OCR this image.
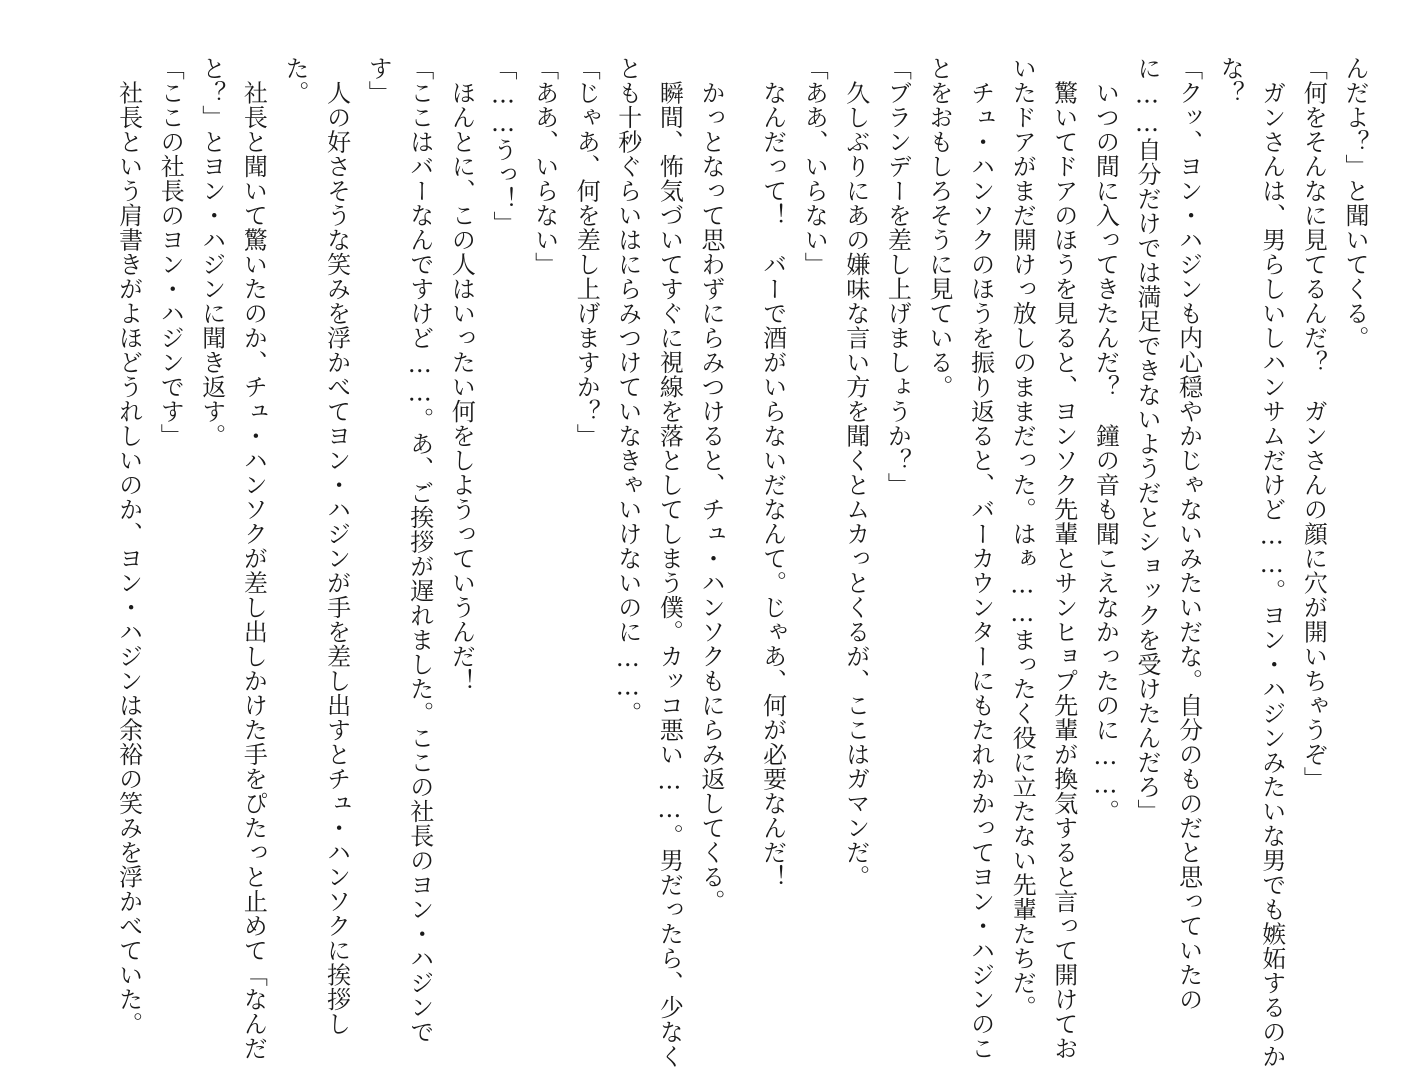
んだよ？」と聞いてくる。
「何をそんなに見てるんだ？　ガンさんの顔に穴が開いちゃうぞ」
　ガンさんは、男らしいしハンサムだけど……。ヨン・ハジンみたいな男でも嫉妬するのか
な？
「クッ、ヨン・ハジンも内心穏やかじゃないみたいだな。自分のものだと思っていたの
に……自分だけでは満足できないようだとショックを受けたんだろ」
　いつの間に入ってきたんだ？　鐘の音も聞こえなかったのに……。
　驚いてドアのほうを見ると、ヨンソク先輩とサンヒョプ先輩が換気すると言って開けてお
いたドアがまだ開けっ放しのままだった。はぁ……まったく役に立たない先輩たちだ。
　チュ・ハンソクのほうを振り返ると、バーカウンターにもたれかかってヨン・ハジンのこ
とをおもしろそうに見ている。
「ブランデーを差し上げましょうか？」
　久しぶりにあの嫌味な言い方を聞くとムカっとくるが、ここはガマンだ。
「ああ、いらない」
　なんだって！　バーで酒がいらないだなんて。じゃあ、何が必要なんだ！
　かっとなって思わずにらみつけると、チュ・ハンソクもにらみ返してくる。
　瞬間、怖気づいてすぐに視線を落としてしまう僕。カッコ悪い……。男だったら、少なく
とも十秒ぐらいはにらみつけていなきゃいけないのに……。
「じゃあ、何を差し上げますか？」
「ああ、いらない」
「……うっ！」
　ほんとに、この人はいったい何をしようっていうんだ！
「ここはバーなんですけど……。あ、ご挨拶が遅れました。ここの社長のヨン・ハジンで
す」
　人の好さそうな笑みを浮かべてヨン・ハジンが手を差し出すとチュ・ハンソクに挨拶し
た。
　社長と聞いて驚いたのか、チュ・ハンソクが差し出しかけた手をぴたっと止めて「なんだ
と？」とヨン・ハジンに聞き返す。
「ここの社長のヨン・ハジンです」
　社長という肩書きがよほどうれしいのか、ヨン・ハジンは余裕の笑みを浮かべていた。
